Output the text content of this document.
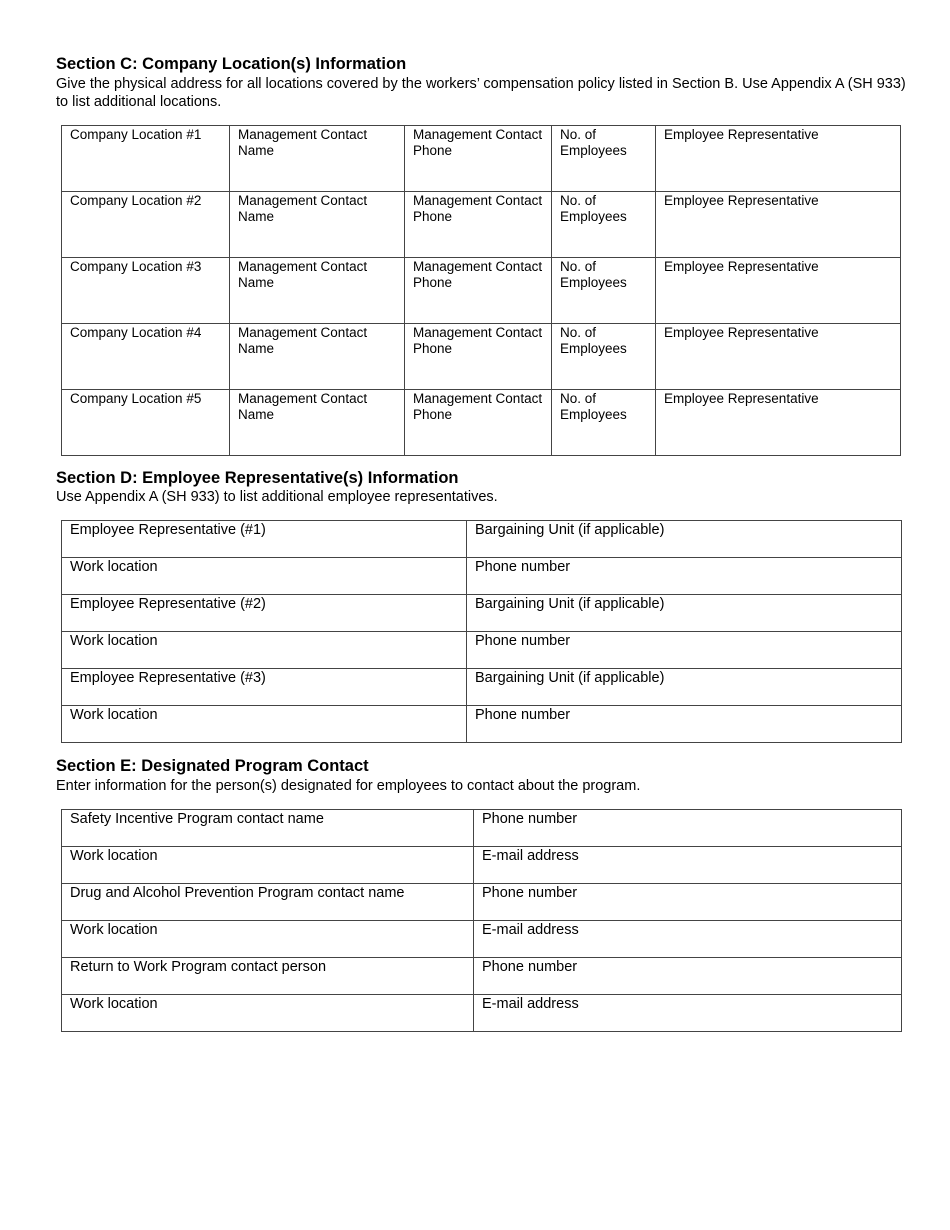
Section C: Company Location(s) Information

Give the physical address for all locations covered by the workers’ compensation policy listed in Section B. Use Appendix A (SH 933) to list additional locations.

Company Location #1	Management Contact Name	Management Contact Phone	No. of Employees	Employee Representative
Company Location #2	Management Contact Name	Management Contact Phone	No. of Employees	Employee Representative
Company Location #3	Management Contact Name	Management Contact Phone	No. of Employees	Employee Representative
Company Location #4	Management Contact Name	Management Contact Phone	No. of Employees	Employee Representative
Company Location #5	Management Contact Name	Management Contact Phone	No. of Employees	Employee Representative
Section D: Employee Representative(s) Information

Use Appendix A (SH 933) to list additional employee representatives.

Employee Representative (#1)	Bargaining Unit (if applicable)
Work location	Phone number
Employee Representative (#2)	Bargaining Unit (if applicable)
Work location	Phone number
Employee Representative (#3)	Bargaining Unit (if applicable)
Work location	Phone number
Section E: Designated Program Contact

Enter information for the person(s) designated for employees to contact about the program.

Safety Incentive Program contact name	Phone number
Work location	E-mail address
Drug and Alcohol Prevention Program contact name	Phone number
Work location	E-mail address
Return to Work Program contact person	Phone number
Work location	E-mail address
